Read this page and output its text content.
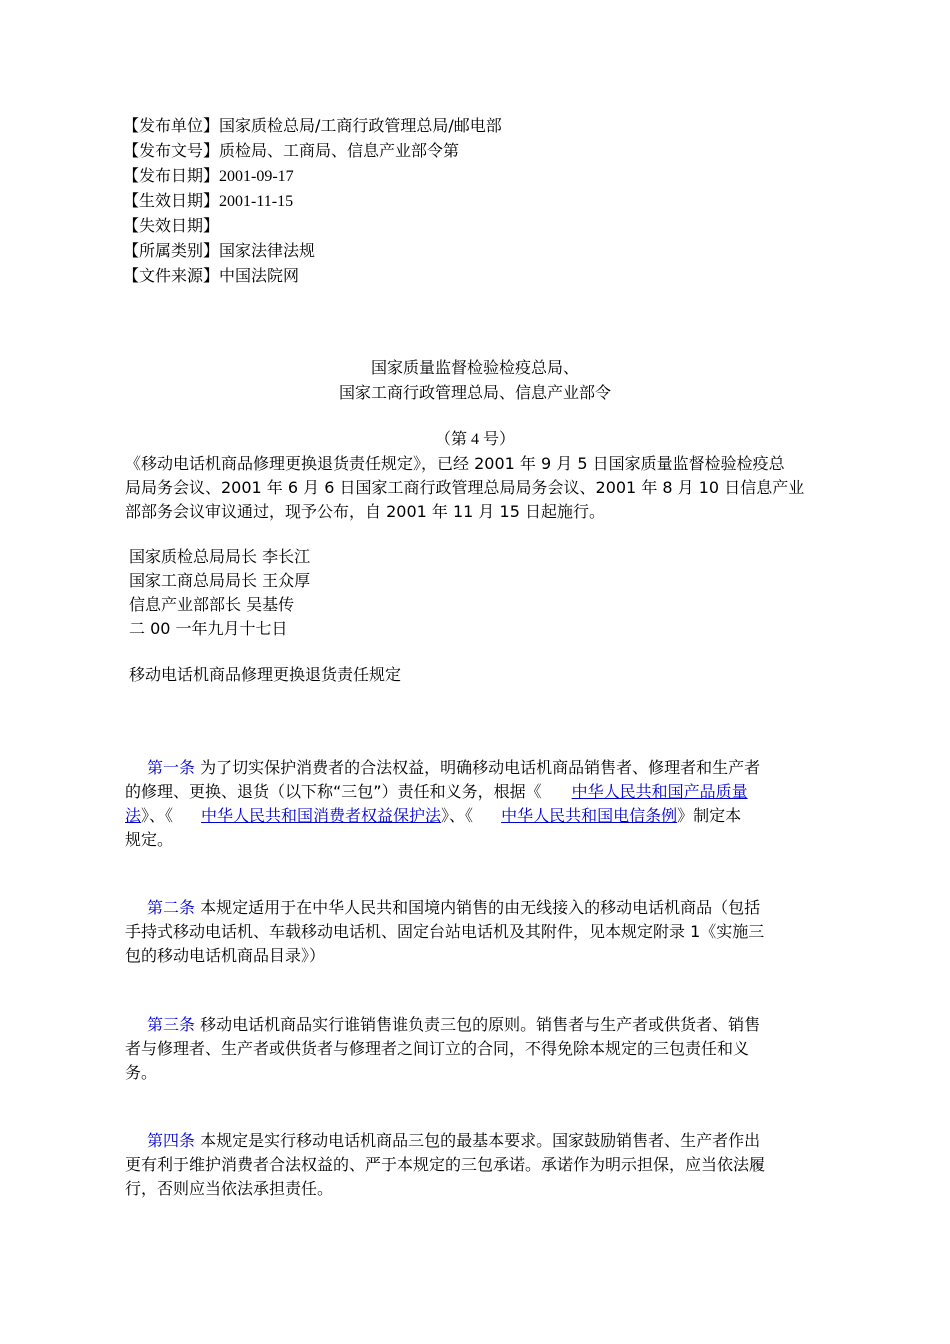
【发布单位】国家质检总局/工商行政管理总局/邮电部
【发布文号】质检局、工商局、信息产业部令第
【发布日期】2001-09-17
【生效日期】2001-11-15
【失效日期】
【所属类别】国家法律法规
【文件来源】中国法院网
国家质量监督检验检疫总局、
国家工商行政管理总局、信息产业部令
（第 4 号）
《移动电话机商品修理更换退货责任规定》，已经 2001 年 9 月 5 日国家质量监督检验检疫总
局局务会议、2001 年 6 月 6 日国家工商行政管理总局局务会议、2001 年 8 月 10 日信息产业
部部务会议审议通过，现予公布，自 2001 年 11 月 15 日起施行。
国家质检总局局长 李长江
国家工商总局局长 王众厚
信息产业部部长 吴基传
二 00 一年九月十七日
移动电话机商品修理更换退货责任规定
第一条 为了切实保护消费者的合法权益，明确移动电话机商品销售者、修理者和生产者
的修理、更换、退货（以下称“三包”）责任和义务，根据《 中华人民共和国产品质量
法》、《 中华人民共和国消费者权益保护法》、《 中华人民共和国电信条例》制定本
规定。
第二条 本规定适用于在中华人民共和国境内销售的由无线接入的移动电话机商品（包括
手持式移动电话机、车载移动电话机、固定台站电话机及其附件，见本规定附录 1《实施三
包的移动电话机商品目录》）
第三条 移动电话机商品实行谁销售谁负责三包的原则。销售者与生产者或供货者、销售
者与修理者、生产者或供货者与修理者之间订立的合同，不得免除本规定的三包责任和义
务。
第四条 本规定是实行移动电话机商品三包的最基本要求。国家鼓励销售者、生产者作出
更有利于维护消费者合法权益的、严于本规定的三包承诺。承诺作为明示担保，应当依法履
行，否则应当依法承担责任。
